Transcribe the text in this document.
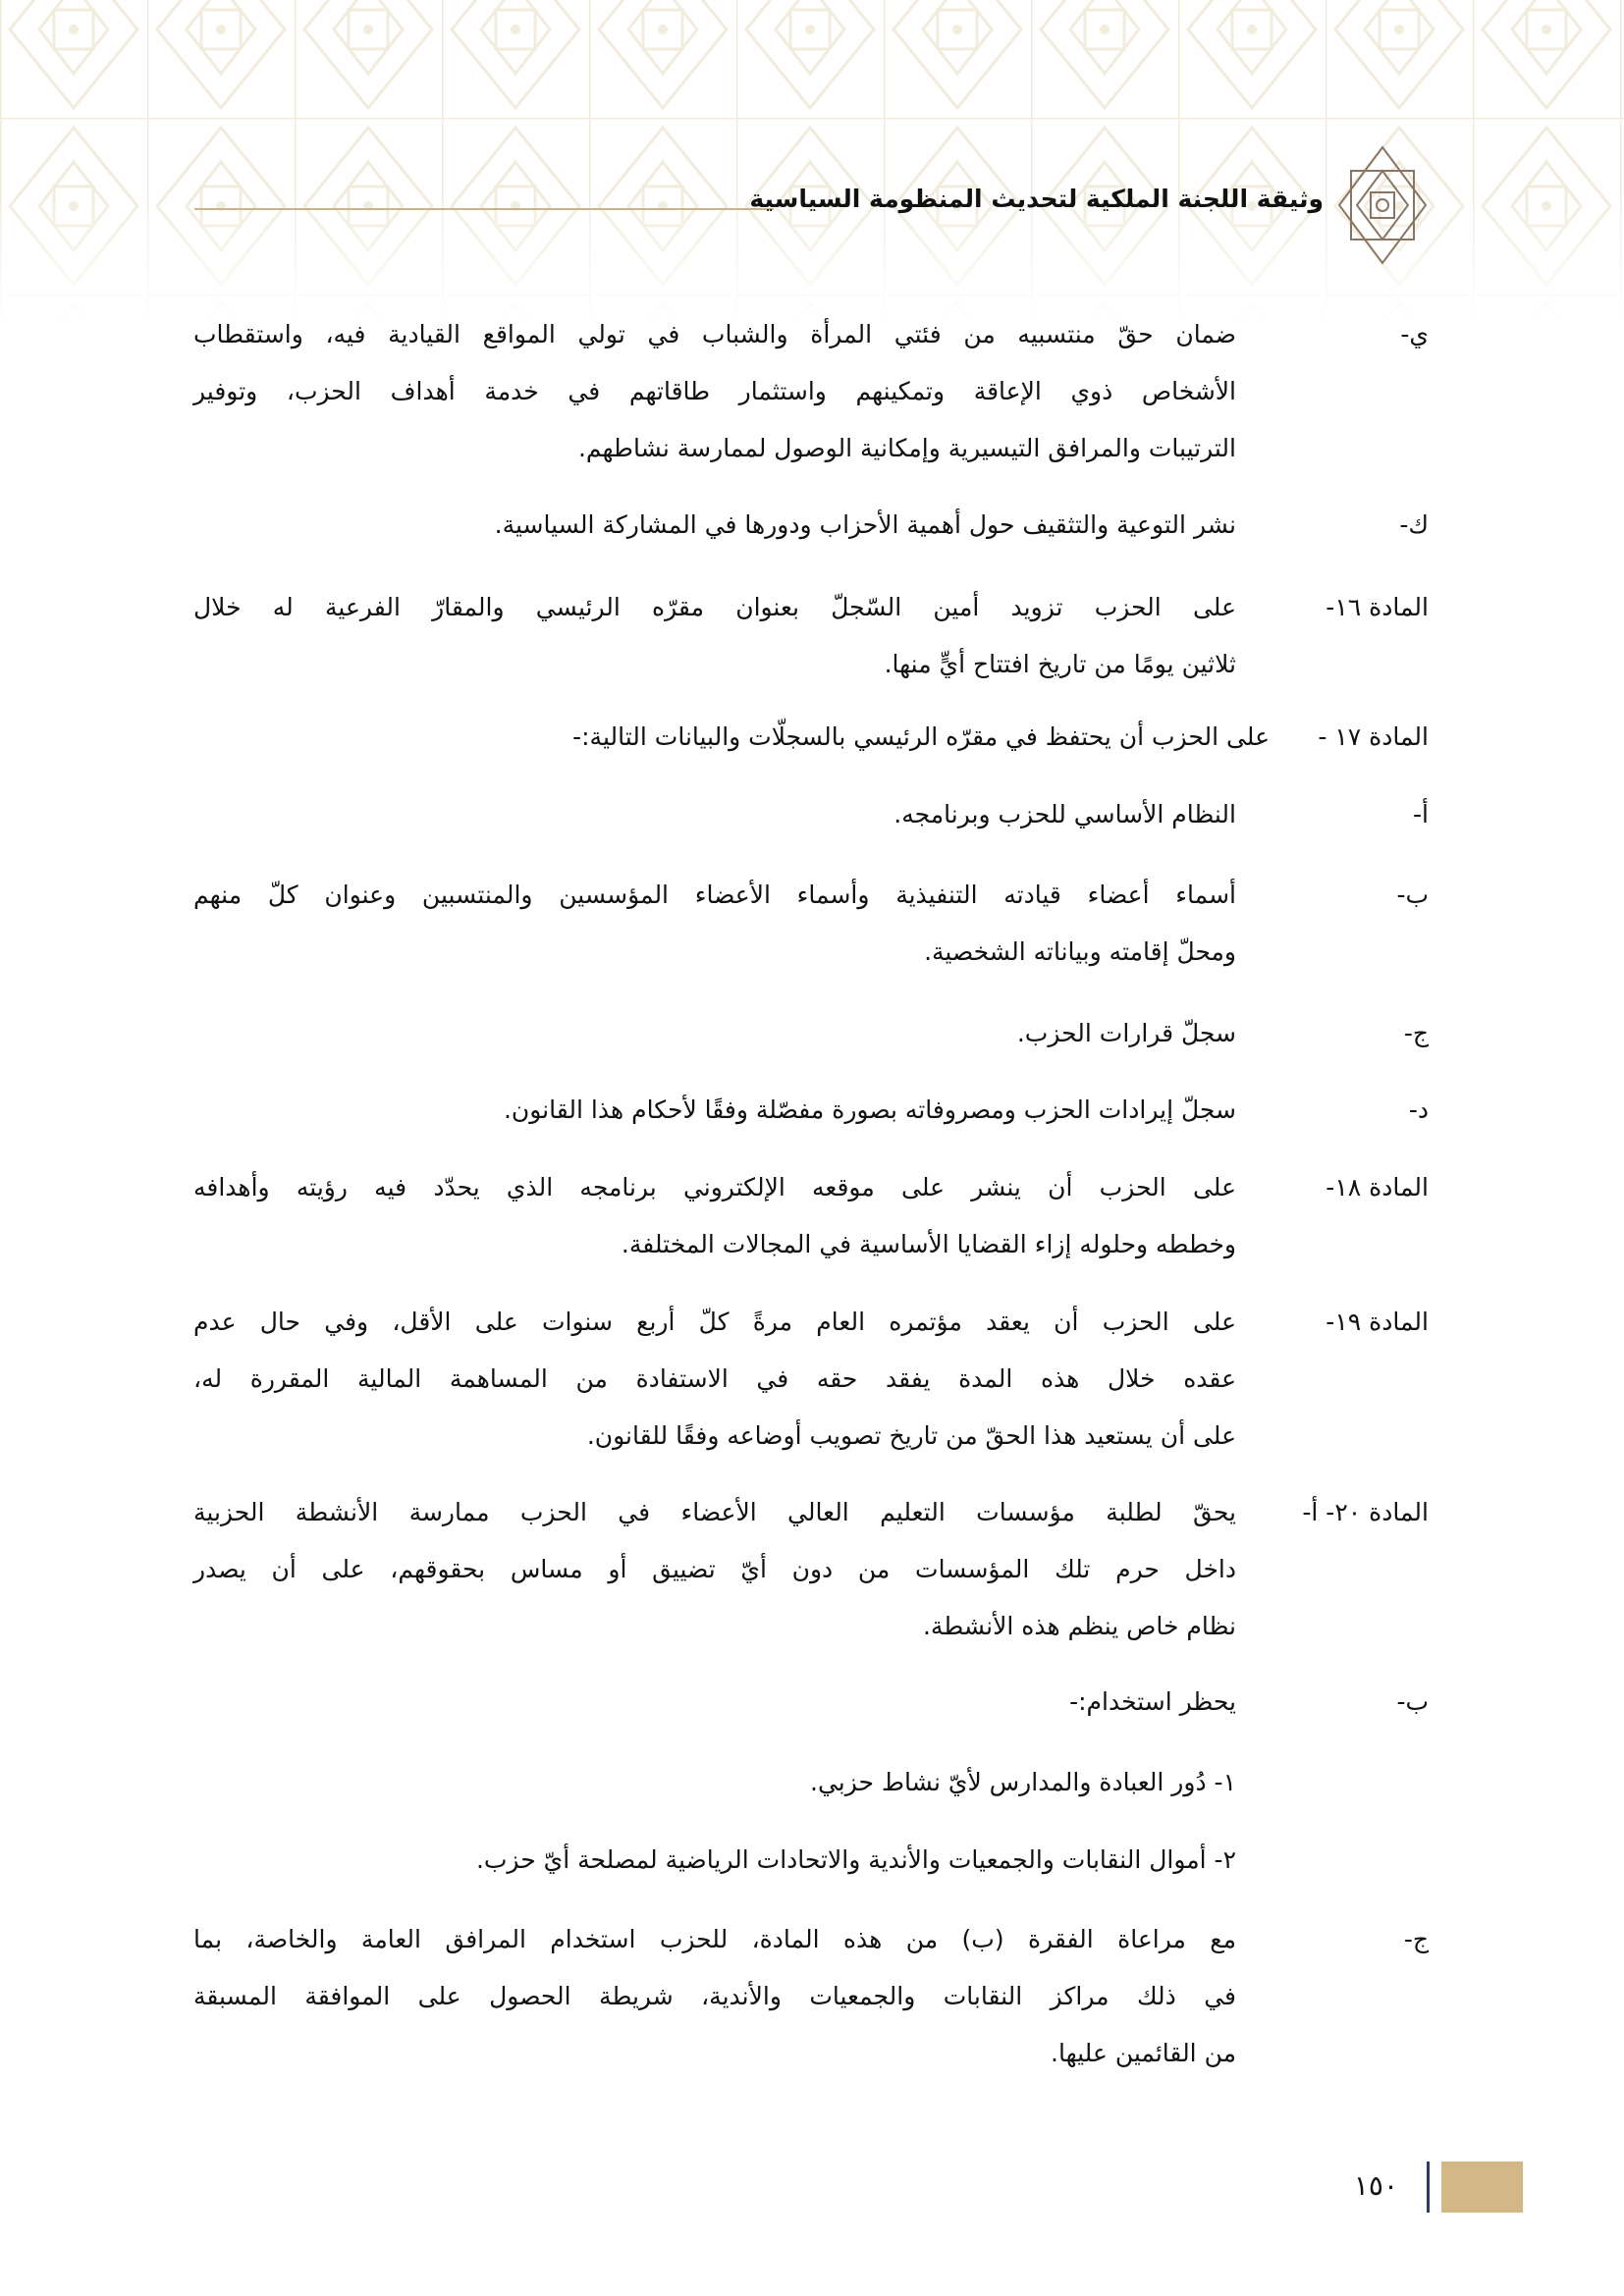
وثيقة اللجنة الملكية لتحديث المنظومة السياسية
ي-
ضمان حقّ منتسبيه من فئتي المرأة والشباب في تولي المواقع القيادية فيه، واستقطاب
الأشخاص ذوي الإعاقة وتمكينهم واستثمار طاقاتهم في خدمة أهداف الحزب، وتوفير
الترتيبات والمرافق التيسيرية وإمكانية الوصول لممارسة نشاطهم.
ك-
نشر التوعية والتثقيف حول أهمية الأحزاب ودورها في المشاركة السياسية.
المادة ١٦-
على الحزب تزويد أمين السّجلّ بعنوان مقرّه الرئيسي والمقارّ الفرعية له خلال
ثلاثين يومًا من تاريخ افتتاح أيٍّ منها.
المادة ١٧ -
على الحزب أن يحتفظ في مقرّه الرئيسي بالسجلّات والبيانات التالية:-
أ-
النظام الأساسي للحزب وبرنامجه.
ب-
أسماء أعضاء قيادته التنفيذية وأسماء الأعضاء المؤسسين والمنتسبين وعنوان كلّ منهم
ومحلّ إقامته وبياناته الشخصية.
ج-
سجلّ قرارات الحزب.
د-
سجلّ إيرادات الحزب ومصروفاته بصورة مفصّلة وفقًا لأحكام هذا القانون.
المادة ١٨-
على الحزب أن ينشر على موقعه الإلكتروني برنامجه الذي يحدّد فيه رؤيته وأهدافه
وخططه وحلوله إزاء القضايا الأساسية في المجالات المختلفة.
المادة ١٩-
على الحزب أن يعقد مؤتمره العام مرةً كلّ أربع سنوات على الأقل، وفي حال عدم
عقده خلال هذه المدة يفقد حقه في الاستفادة من المساهمة المالية المقررة له،
على أن يستعيد هذا الحقّ من تاريخ تصويب أوضاعه وفقًا للقانون.
المادة ٢٠- أ-
يحقّ لطلبة مؤسسات التعليم العالي الأعضاء في الحزب ممارسة الأنشطة الحزبية
داخل حرم تلك المؤسسات من دون أيّ تضييق أو مساس بحقوقهم، على أن يصدر
نظام خاص ينظم هذه الأنشطة.
ب-
يحظر استخدام:-
١- دُور العبادة والمدارس لأيّ نشاط حزبي.
٢- أموال النقابات والجمعيات والأندية والاتحادات الرياضية لمصلحة أيّ حزب.
ج-
مع مراعاة الفقرة (ب) من هذه المادة، للحزب استخدام المرافق العامة والخاصة، بما
في ذلك مراكز النقابات والجمعيات والأندية، شريطة الحصول على الموافقة المسبقة
من القائمين عليها.
١٥٠
